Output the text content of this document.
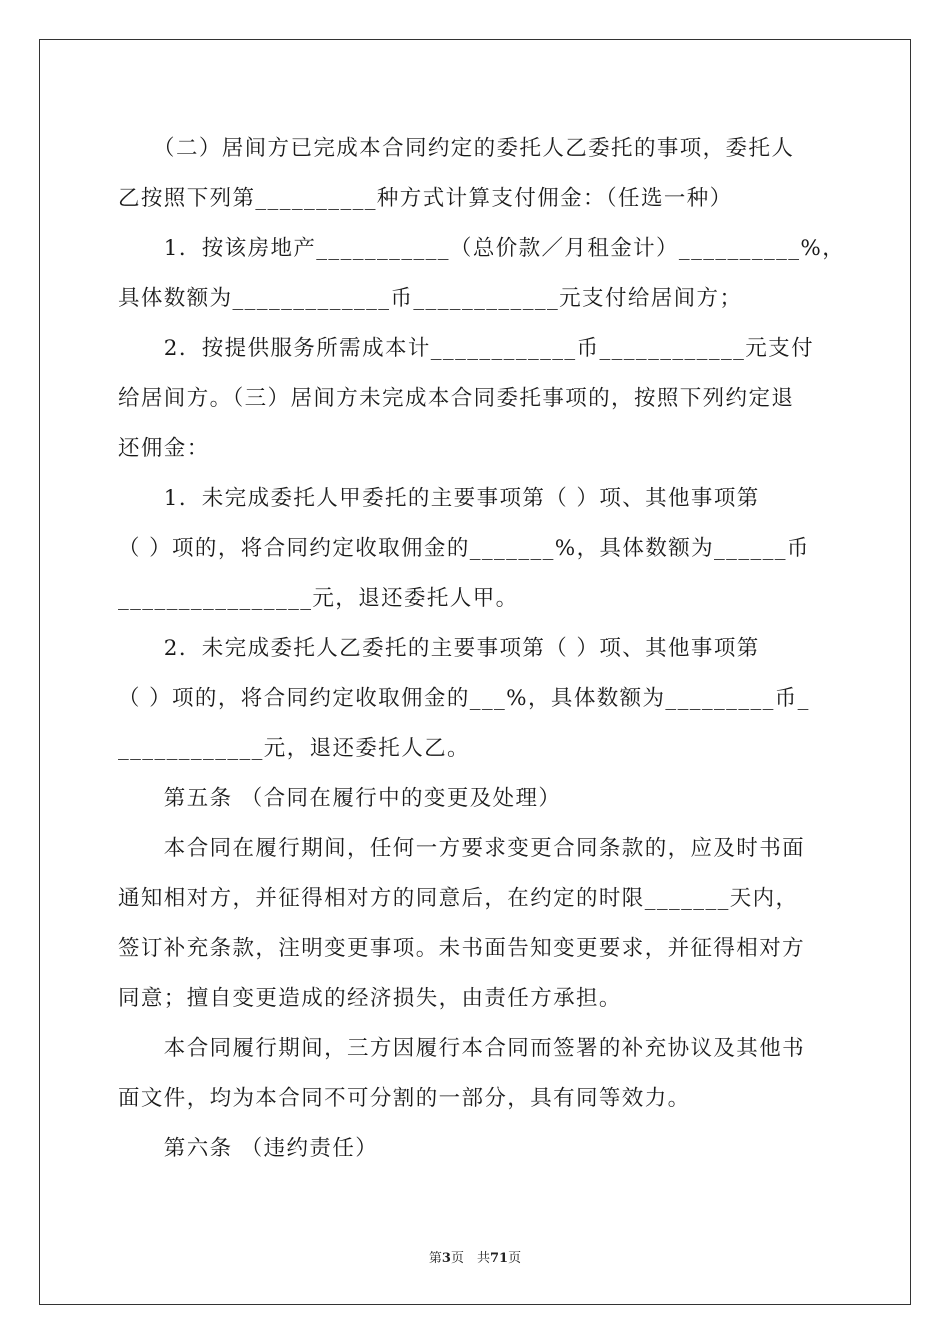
　　（二）居间方已完成本合同约定的委托人乙委托的事项，委托人
乙按照下列第__________种方式计算支付佣金：（任选一种）
　　1．按该房地产___________（总价款／月租金计）__________%，
具体数额为_____________币____________元支付给居间方；
　　2．按提供服务所需成本计____________币____________元支付
给居间方。（三）居间方未完成本合同委托事项的，按照下列约定退
还佣金：
　　1．未完成委托人甲委托的主要事项第（ ）项、其他事项第
（ ）项的，将合同约定收取佣金的_______%，具体数额为______币
________________元，退还委托人甲。
　　2．未完成委托人乙委托的主要事项第（ ）项、其他事项第
（ ）项的，将合同约定收取佣金的___%，具体数额为_________币_
____________元，退还委托人乙。
　　第五条 （合同在履行中的变更及处理）
　　本合同在履行期间，任何一方要求变更合同条款的，应及时书面
通知相对方，并征得相对方的同意后，在约定的时限_______天内，
签订补充条款，注明变更事项。未书面告知变更要求，并征得相对方
同意；擅自变更造成的经济损失，由责任方承担。
　　本合同履行期间，三方因履行本合同而签署的补充协议及其他书
面文件，均为本合同不可分割的一部分，具有同等效力。
　　第六条 （违约责任）

第3页　共71页
